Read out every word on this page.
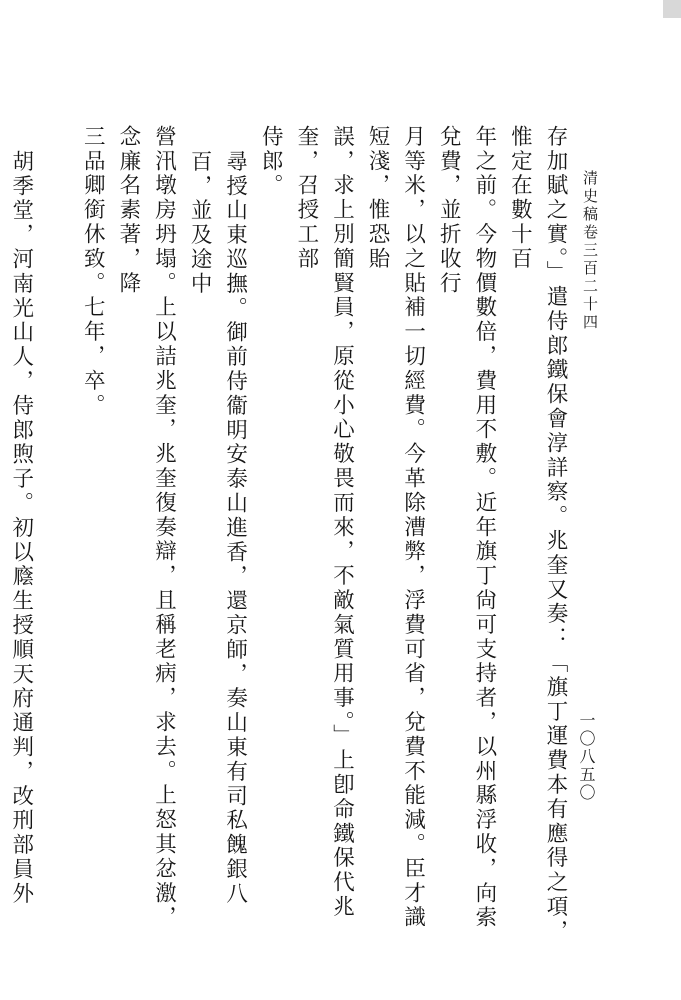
清史稿卷三百二十四
存加賦之實。」遣侍郎鐵保會淳詳察。兆奎又奏：「旗丁運費本有應得之項，惟定在數十百
年之前。今物價數倍，費用不敷。近年旗丁尙可支持者，以州縣浮收，向索兌費，並折收行
月等米，以之貼補一切經費。今革除漕弊，浮費可省，兌費不能減。臣才識短淺，惟恐貽
誤，求上別簡賢員，原從小心敬畏而來，不敵氣質用事。」上卽命鐵保代兆奎，召授工部
侍郎。
尋授山東巡撫。御前侍衞明安泰山進香，還京師，奏山東有司私餽銀八百，並及途中
營汛墩房坍塌。上以詰兆奎，兆奎復奏辯，且稱老病，求去。上怒其忿激，念廉名素著，降
三品卿銜休致。七年，卒。
胡季堂，河南光山人，侍郎煦子。初以廕生授順天府通判，改刑部員外
一〇八五〇
